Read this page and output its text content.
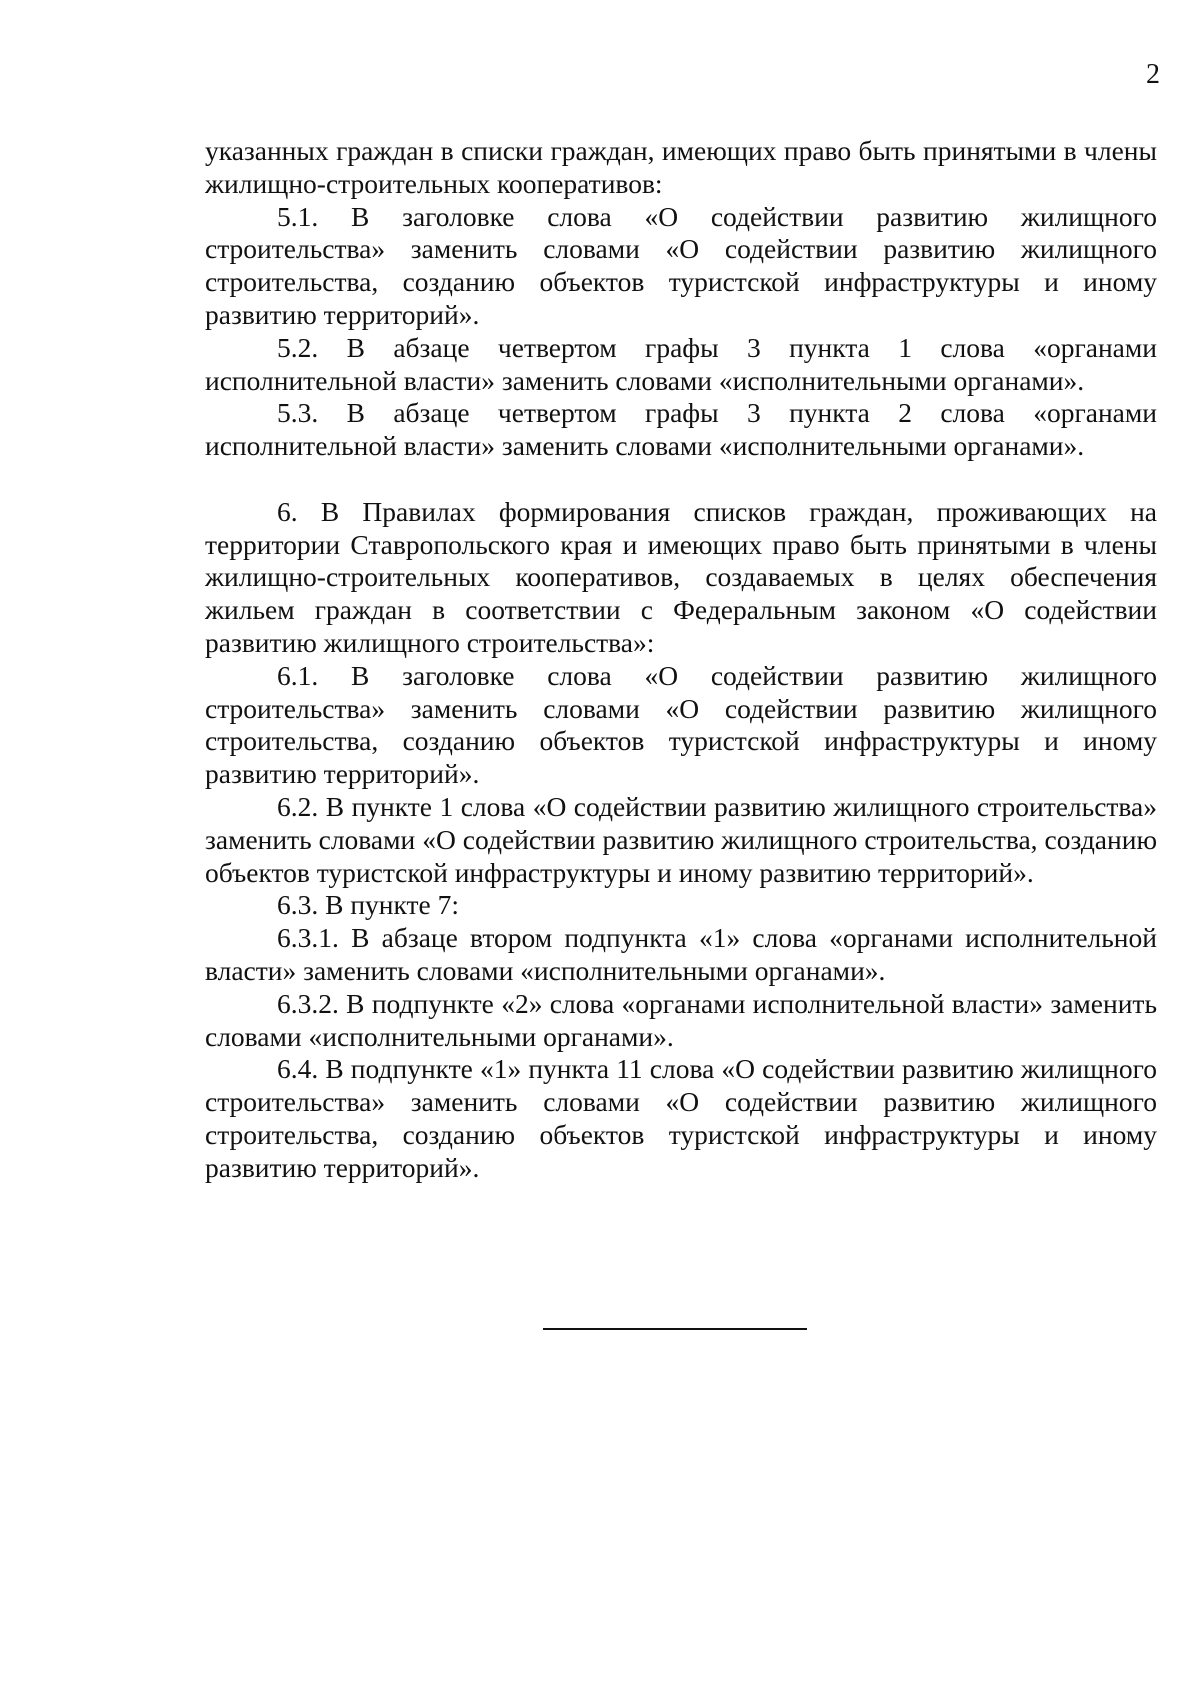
2

указанных граждан в списки граждан, имеющих право быть принятыми в члены жилищно-строительных кооперативов:

5.1. В заголовке слова «О содействии развитию жилищного строительства» заменить словами «О содействии развитию жилищного строительства, созданию объектов туристской инфраструктуры и иному развитию территорий».

5.2. В абзаце четвертом графы 3 пункта 1 слова «органами исполнительной власти» заменить словами «исполнительными органами».

5.3. В абзаце четвертом графы 3 пункта 2 слова «органами исполнительной власти» заменить словами «исполнительными органами».

6. В Правилах формирования списков граждан, проживающих на территории Ставропольского края и имеющих право быть принятыми в члены жилищно-строительных кооперативов, создаваемых в целях обеспечения жильем граждан в соответствии с Федеральным законом «О содействии развитию жилищного строительства»:

6.1. В заголовке слова «О содействии развитию жилищного строительства» заменить словами «О содействии развитию жилищного строительства, созданию объектов туристской инфраструктуры и иному развитию территорий».

6.2. В пункте 1 слова «О содействии развитию жилищного строительства» заменить словами «О содействии развитию жилищного строительства, созданию объектов туристской инфраструктуры и иному развитию территорий».

6.3. В пункте 7:

6.3.1. В абзаце втором подпункта «1» слова «органами исполнительной власти» заменить словами «исполнительными органами».

6.3.2. В подпункте «2» слова «органами исполнительной власти» заменить словами «исполнительными органами».

6.4. В подпункте «1» пункта 11 слова «О содействии развитию жилищного строительства» заменить словами «О содействии развитию жилищного строительства, созданию объектов туристской инфраструктуры и иному развитию территорий».
